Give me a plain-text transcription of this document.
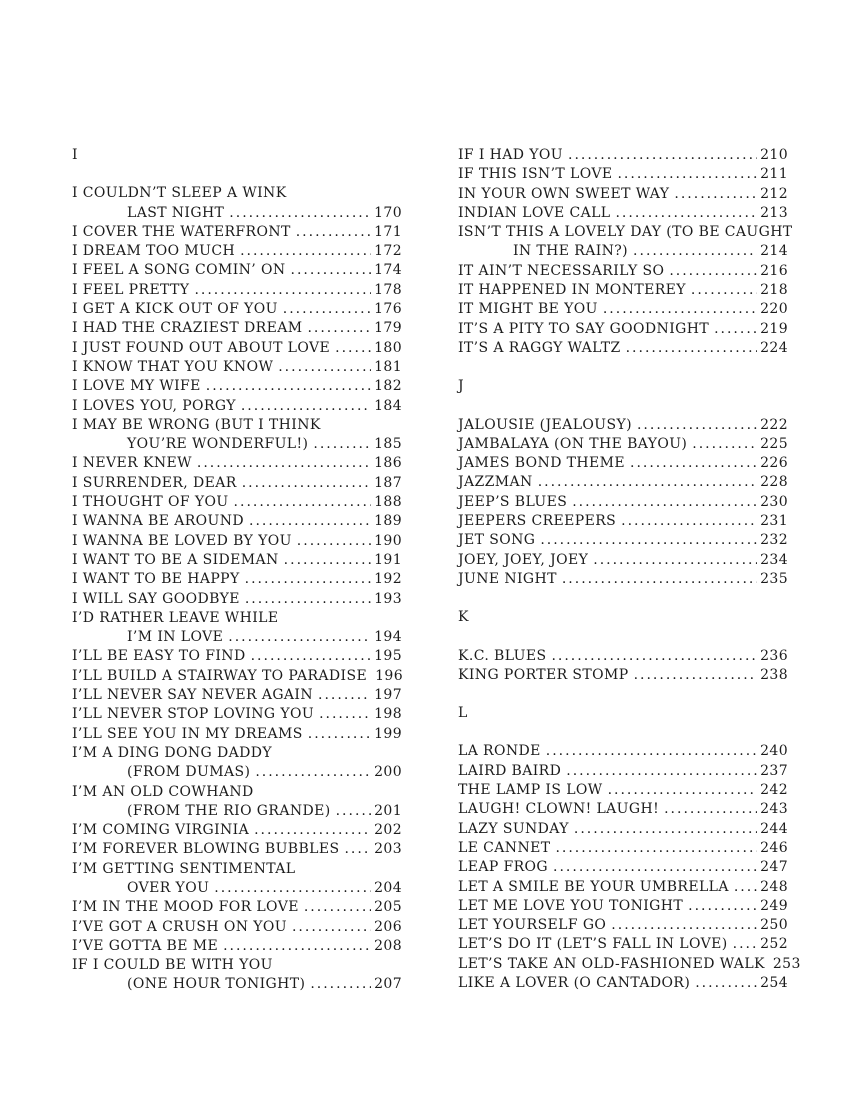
I
I COULDN’T SLEEP A WINK
LAST NIGHT .....	170
I COVER THE WATERFRONT .....	171
I DREAM TOO MUCH .....	172
I FEEL A SONG COMIN’ ON .....	174
I FEEL PRETTY .....	178
I GET A KICK OUT OF YOU .....	176
I HAD THE CRAZIEST DREAM .....	179
I JUST FOUND OUT ABOUT LOVE .....	180
I KNOW THAT YOU KNOW .....	181
I LOVE MY WIFE .....	182
I LOVES YOU, PORGY .....	184
I MAY BE WRONG (BUT I THINK
YOU’RE WONDERFUL!) .....	185
I NEVER KNEW .....	186
I SURRENDER, DEAR .....	187
I THOUGHT OF YOU .....	188
I WANNA BE AROUND .....	189
I WANNA BE LOVED BY YOU .....	190
I WANT TO BE A SIDEMAN .....	191
I WANT TO BE HAPPY .....	192
I WILL SAY GOODBYE .....	193
I’D RATHER LEAVE WHILE
I’M IN LOVE .....	194
I’LL BE EASY TO FIND .....	195
I’LL BUILD A STAIRWAY TO PARADISE 196
I’LL NEVER SAY NEVER AGAIN .....	197
I’LL NEVER STOP LOVING YOU .....	198
I’LL SEE YOU IN MY DREAMS .....	199
I’M A DING DONG DADDY
(FROM DUMAS) .....	200
I’M AN OLD COWHAND
(FROM THE RIO GRANDE) .....	201
I’M COMING VIRGINIA .....	202
I’M FOREVER BLOWING BUBBLES ..... 203
I’M GETTING SENTIMENTAL
OVER YOU .....	204
I’M IN THE MOOD FOR LOVE .....	205
I’VE GOT A CRUSH ON YOU .....	206
I’VE GOTTA BE ME .....	208
IF I COULD BE WITH YOU
(ONE HOUR TONIGHT) .....	207
IF I HAD YOU .....	210
IF THIS ISN’T LOVE .....	211
IN YOUR OWN SWEET WAY .....	212
INDIAN LOVE CALL .....	213
ISN’T THIS A LOVELY DAY (TO BE CAUGHT
IN THE RAIN?) .....	214
IT AIN’T NECESSARILY SO .....	216
IT HAPPENED IN MONTEREY .....	218
IT MIGHT BE YOU .....	220
IT’S A PITY TO SAY GOODNIGHT .....	219
IT’S A RAGGY WALTZ .....	224
J
JALOUSIE (JEALOUSY) .....	222
JAMBALAYA (ON THE BAYOU) .....	225
JAMES BOND THEME .....	226
JAZZMAN .....	228
JEEP’S BLUES .....	230
JEEPERS CREEPERS .....	231
JET SONG .....	232
JOEY, JOEY, JOEY .....	234
JUNE NIGHT .....	235
K
K.C. BLUES .....	236
KING PORTER STOMP .....	238
L
LA RONDE .....	240
LAIRD BAIRD .....	237
THE LAMP IS LOW .....	242
LAUGH! CLOWN! LAUGH! .....	243
LAZY SUNDAY .....	244
LE CANNET .....	246
LEAP FROG .....	247
LET A SMILE BE YOUR UMBRELLA ..... 248
LET ME LOVE YOU TONIGHT .....	249
LET YOURSELF GO .....	250
LET’S DO IT (LET’S FALL IN LOVE) ..... 252
LET’S TAKE AN OLD-FASHIONED WALK 253
LIKE A LOVER (O CANTADOR) .....	254
